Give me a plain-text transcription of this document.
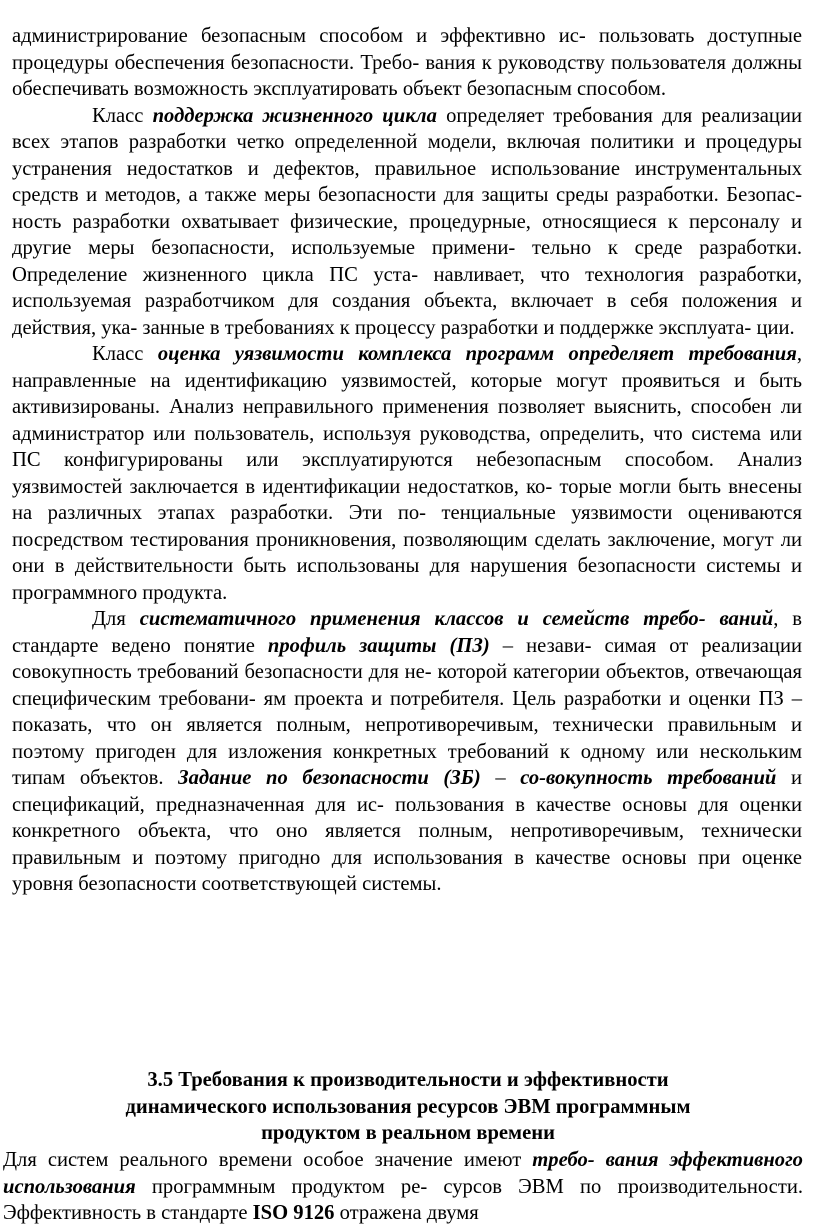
администрирование безопасным способом и эффективно ис- пользовать доступные процедуры обеспечения безопасности. Требо- вания к руководству пользователя должны обеспечивать возможность эксплуатировать объект безопасным способом.

Класс поддержка жизненного цикла определяет требования для реализации всех этапов разработки четко определенной модели, включая политики и процедуры устранения недостатков и дефектов, правильное использование инструментальных средств и методов, а также меры безопасности для защиты среды разработки. Безопас- ность разработки охватывает физические, процедурные, относящиеся к персоналу и другие меры безопасности, используемые примени- тельно к среде разработки. Определение жизненного цикла ПС уста- навливает, что технология разработки, используемая разработчиком для создания объекта, включает в себя положения и действия, ука- занные в требованиях к процессу разработки и поддержке эксплуата- ции.

Класс оценка уязвимости комплекса программ определяет требования, направленные на идентификацию уязвимостей, которые могут проявиться и быть активизированы. Анализ неправильного применения позволяет выяснить, способен ли администратор или пользователь, используя руководства, определить, что система или ПС конфигурированы или эксплуатируются небезопасным способом. Анализ уязвимостей заключается в идентификации недостатков, ко- торые могли быть внесены на различных этапах разработки. Эти по- тенциальные уязвимости оцениваются посредством тестирования проникновения, позволяющим сделать заключение, могут ли они в действительности быть использованы для нарушения безопасности системы и программного продукта.

Для систематичного применения классов и семейств требо- ваний, в стандарте ведено понятие профиль защиты (ПЗ) – незави- симая от реализации совокупность требований безопасности для не- которой категории объектов, отвечающая специфическим требовани- ям проекта и потребителя. Цель разработки и оценки ПЗ – показать, что он является полным, непротиворечивым, технически правильным и поэтому пригоден для изложения конкретных требований к одному или нескольким типам объектов. Задание по безопасности (ЗБ) – со-вокупность требований и спецификаций, предназначенная для ис- пользования в качестве основы для оценки конкретного объекта, что оно является полным, непротиворечивым, технически правильным и поэтому пригодно для использования в качестве основы при оценке уровня безопасности соответствующей системы.

3.5 Требования к производительности и эффективности
динамического использования ресурсов ЭВМ программным
продуктом в реальном времени

Для систем реального времени особое значение имеют требо- вания эффективного использования программным продуктом ре- сурсов ЭВМ по производительности. Эффективность в стандарте ISO 9126 отражена двумя
